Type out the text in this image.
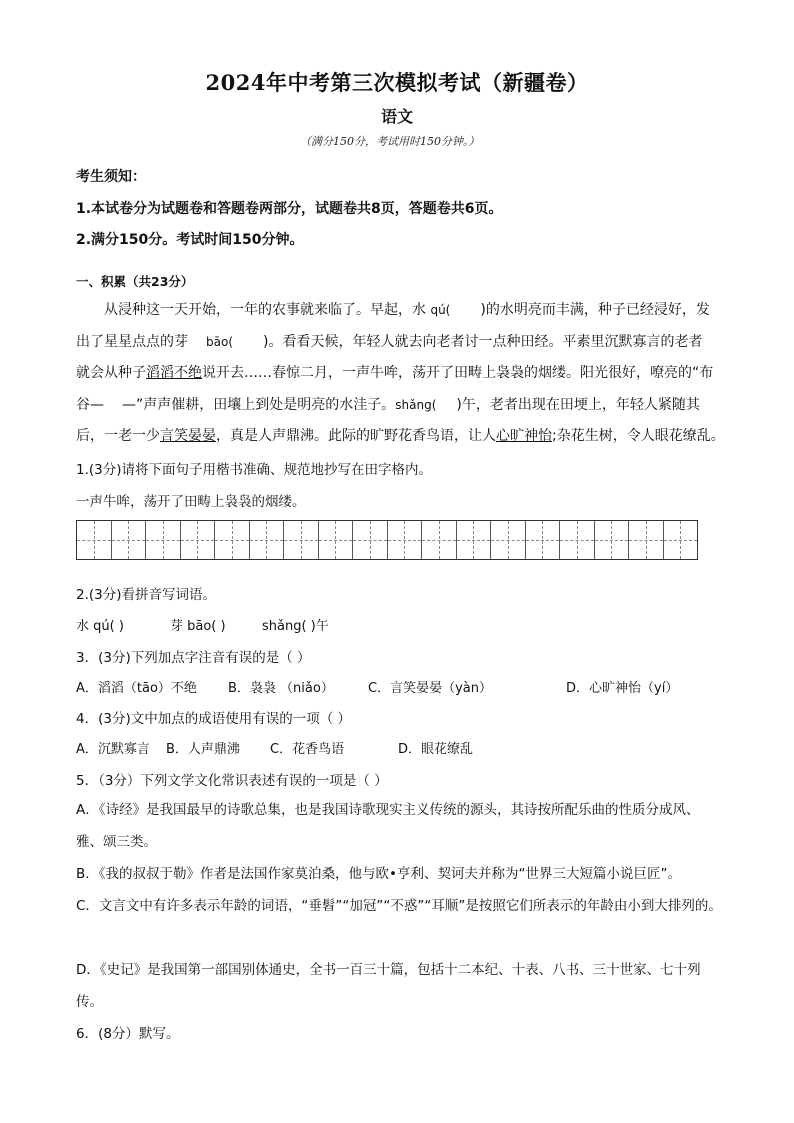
2024年中考第三次模拟考试（新疆卷）
语文
（满分150分，考试用时150分钟。）
考生须知：
1.本试卷分为试题卷和答题卷两部分，试题卷共8页，答题卷共6页。
2.满分150分。考试时间150分钟。
一、积累（共23分）
从浸种这一天开始，一年的农事就来临了。早起，水 qú( )的水明亮而丰满，种子已经浸好，发
出了星星点点的芽 bāo( )。看看天候，年轻人就去向老者讨一点种田经。平素里沉默寡言的老者
就会从种子滔滔不绝说开去……春惊二月，一声牛哞，荡开了田畴上袅袅的烟缕。阳光很好，嘹亮的“布
谷— —”声声催耕，田壤上到处是明亮的水洼子。shǎng( )午，老者出现在田埂上，年轻人紧随其
后，一老一少言笑晏晏，真是人声鼎沸。此际的旷野花香鸟语，让人心旷神怡;杂花生树，令人眼花缭乱。
1.(3分)请将下面句子用楷书准确、规范地抄写在田字格内。
一声牛哞，荡开了田畴上袅袅的烟缕。
2.(3分)看拼音写词语。
水 qú( )	芽 bāo( )	shǎng( )午
3．(3分)下列加点字注音有误的是（ ）
A．滔滔（tāo）不绝 B．袅袅 （niǎo）	C．言笑晏晏（yàn）	D．心旷神怡（yí）
4．(3分)文中加点的成语使用有误的一项（ ）
A．沉默寡言 B．人声鼎沸 C．花香鸟语	D．眼花缭乱
5．（3分）下列文学文化常识表述有误的一项是（ ）
A．《诗经》是我国最早的诗歌总集，也是我国诗歌现实主义传统的源头，其诗按所配乐曲的性质分成风、雅、颂三类。
B．《我的叔叔于勒》作者是法国作家莫泊桑，他与欧•亨利、契诃夫并称为“世界三大短篇小说巨匠”。
C．文言文中有许多表示年龄的词语，“垂髫”“加冠”“不惑”“耳顺”是按照它们所表示的年龄由小到大排列的。
D．《史记》是我国第一部国别体通史，全书一百三十篇，包括十二本纪、十表、八书、三十世家、七十列传。
6．(8分）默写。
